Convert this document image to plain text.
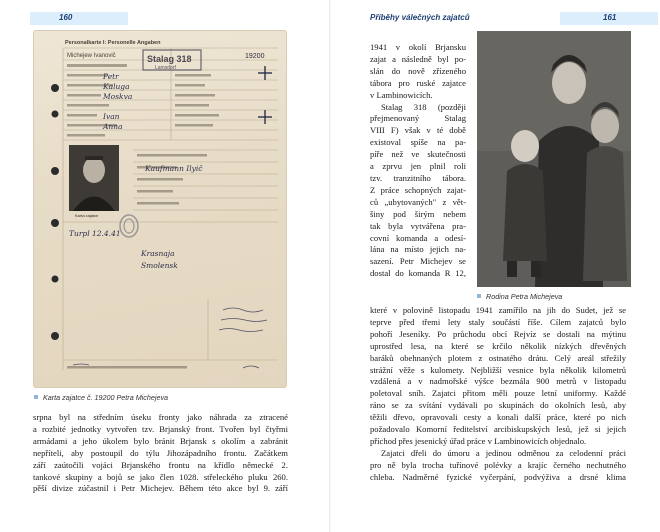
160
Personalkarte I: Personelle Angaben
Michejew Ivanovič	Stalag 318
Lamsdorf
19200
Petr
Kaluga
Moskva
Ivan
Anna
Kaufmann Ilyič
Turpl 12.4.41
Krasnaja
Smolensk
Karta zajatce
Karta zajatce č. 19200 Petra Michejeva
srpna byl na středním úseku fronty jako náhrada za ztracené
a rozbité jednotky vytvořen tzv. Brjanský front. Tvořen byl čtyřmi
armádami a jeho úkolem bylo bránit Brjansk s okolím a zabránit
nepříteli, aby postoupil do týlu Jihozápadního frontu. Začátkem
září zaútočili vojáci Brjanského frontu na křídlo německé 2.
tankové skupiny a bojů se jako člen 1028. střeleckého pluku 260.
pěší divize zúčastnil i Petr Michejev. Během této akce byl 9. září
Příběhy válečných zajatců	161
1941 v okolí Brjansku
zajat a následně byl po-
slán do nově zřízeného
tábora pro ruské zajatce
v Lambinowicích.
Stalag 318 (později
přejmenovaný Stalag
VIII F) však v té době
existoval spíše na pa-
píře než ve skutečnosti
a zprvu jen plnil roli
tzv. tranzitního tábora.
Z práce schopných zajat-
ců „ubytovaných" z vět-
šiny pod širým nebem
tak byla vytvářena pra-
covní komanda a odesí-
lána na místo jejich na-
sazení. Petr Michejev se
dostal do komanda R 12,
Rodina Petra Michejeva
které v polovině listopadu 1941 zamířilo na jih do Sudet, jež se
teprve před třemi lety staly součástí říše. Cílem zajatců bylo
pohoří Jeseníky. Po průchodu obcí Rejvíz se dostali na mýtinu
uprostřed lesa, na které se krčilo několik nízkých dřevěných
baráků obehnaných plotem z ostnatého drátu. Celý areál střežily
strážní věže s kulomety. Nejbližší vesnice byla několik kilometrů
vzdálená a v nadmořské výšce bezmála 900 metrů v listopadu
poletoval sníh. Zajatci přitom měli pouze letní uniformy. Každé
ráno se za svítání vydávali po skupinách do okolních lesů, aby
těžili dřevo, opravovali cesty a konali další práce, které po nich
požadovalo Komorní ředitelství arcibiskupských lesů, jež si jejich
příchod přes jesenický úřad práce v Lambinowicích objednalo.
Zajatci dřeli do úmoru a jedinou odměnou za celodenní práci
pro ně byla trocha tuřínové polévky a krajíc černého nechutného
chleba. Nadměrné fyzické vyčerpání, podvýživa a drsné klima
